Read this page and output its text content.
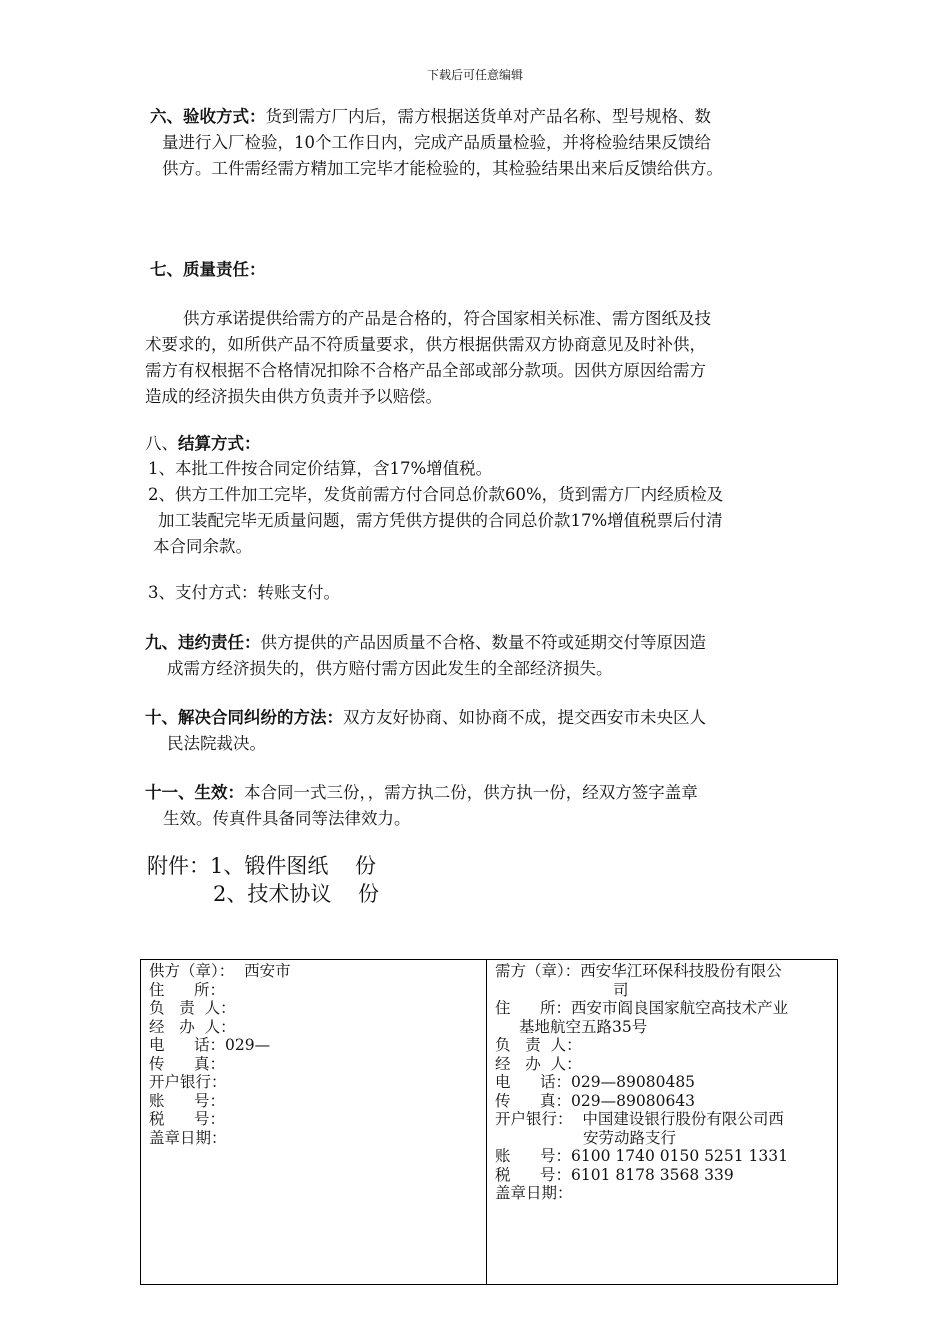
下载后可任意编辑
六、验收方式：货到需方厂内后，需方根据送货单对产品名称、型号规格、数
量进行入厂检验，10个工作日内，完成产品质量检验，并将检验结果反馈给
供方。工件需经需方精加工完毕才能检验的，其检验结果出来后反馈给供方。
七、质量责任：
供方承诺提供给需方的产品是合格的，符合国家相关标准、需方图纸及技
术要求的，如所供产品不符质量要求，供方根据供需双方协商意见及时补供，
需方有权根据不合格情况扣除不合格产品全部或部分款项。因供方原因给需方
造成的经济损失由供方负责并予以赔偿。
八、结算方式：
1、本批工件按合同定价结算，含17%增值税。
2、供方工件加工完毕，发货前需方付合同总价款60%，货到需方厂内经质检及
加工装配完毕无质量问题，需方凭供方提供的合同总价款17%增值税票后付清
本合同余款。
3、支付方式：转账支付。
九、违约责任：供方提供的产品因质量不合格、数量不符或延期交付等原因造
成需方经济损失的，供方赔付需方因此发生的全部经济损失。
十、解决合同纠纷的方法：双方友好协商、如协商不成，提交西安市未央区人
民法院裁决。
十一、生效：本合同一式三份，，需方执二份，供方执一份，经双方签字盖章
生效。传真件具备同等法律效力。
附件：1、锻件图纸    份
2、技术协议    份
供方（章）：  西安市
住      所：
负   责  人：
经   办  人：
电      话：029—
传      真：
开户银行：
账      号：
税      号：
盖章日期：
需方（章）：西安华江环保科技股份有限公
司
住      所：西安市阎良国家航空高技术产业
基地航空五路35号
负   责  人：
经   办  人：
电      话：029—89080485
传      真：029—89080643
开户银行：  中国建设银行股份有限公司西
安劳动路支行
账      号：6100 1740 0150 5251 1331
税      号：6101 8178 3568 339
盖章日期：
